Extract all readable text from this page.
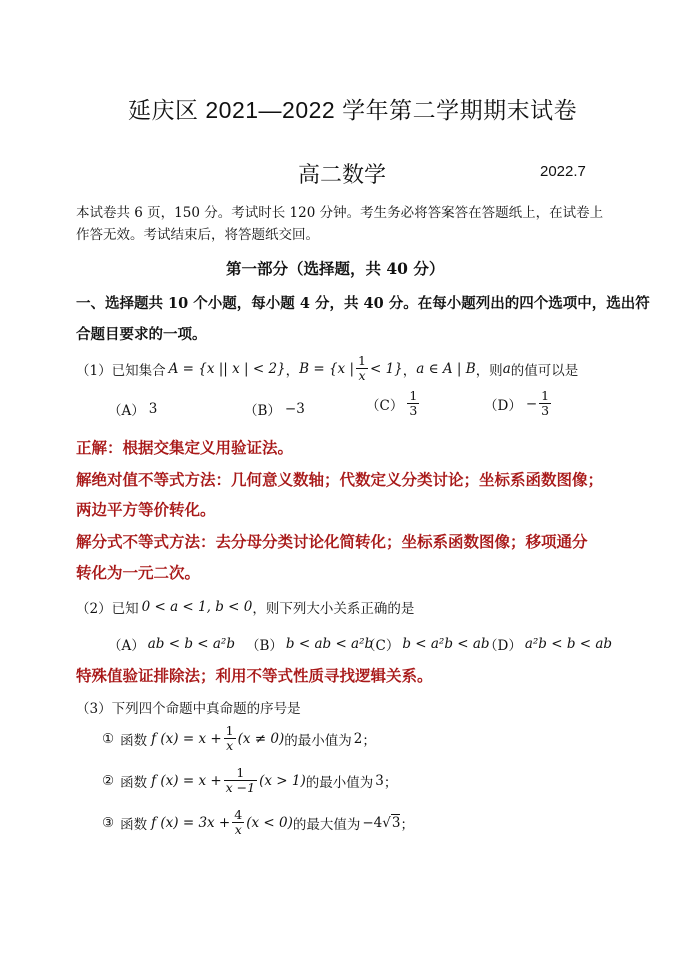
延庆区 2021—2022 学年第二学期期末试卷
高二数学	2022.7
本试卷共 6 页，150 分。考试时长 120 分钟。考生务必将答案答在答题纸上，在试卷上
作答无效。考试结束后，将答题纸交回。
第一部分（选择题，共 40 分）
一、选择题共 10 个小题，每小题 4 分，共 40 分。在每小题列出的四个选项中，选出符
合题目要求的一项。
（1） 已知集合 A = {x || x | < 2} ， B = {x | $\frac{1}{x} < 1$} ， a ∈ A | B ，则 a 的值可以是
（A） 3	（B） −3	$(C) \frac{1}{3}$	$(D) - \frac{1}{3}$
正解：根据交集定义用验证法。
解绝对值不等式方法：几何意义数轴；代数定义分类讨论；坐标系函数图像；
两边平方等价转化。
解分式不等式方法：去分母分类讨论化简转化；坐标系函数图像；移项通分
转化为一元二次。
（2） 已知 0 < a < 1, b < 0 ，则下列大小关系正确的是
（A） ab < b < a²b （B） b < ab < a²b
（C） b < a²b < ab
（D） a²b < b < ab
特殊值验证排除法；利用不等式性质寻找逻辑关系。
（3） 下列四个命题中真命题的序号是
① 函数 f $(x) = x + \frac{1}{x} (x \ne 0)$ 的最小值为 2 ；
② 函数 f $(x) = x + \frac{1}{x -1} (x > 1)$ 的最小值为 3 ；
③ 函数 f $(x) = 3x + \frac{4}{x} (x < 0)$ 的最大值为 −4 √3 ；
